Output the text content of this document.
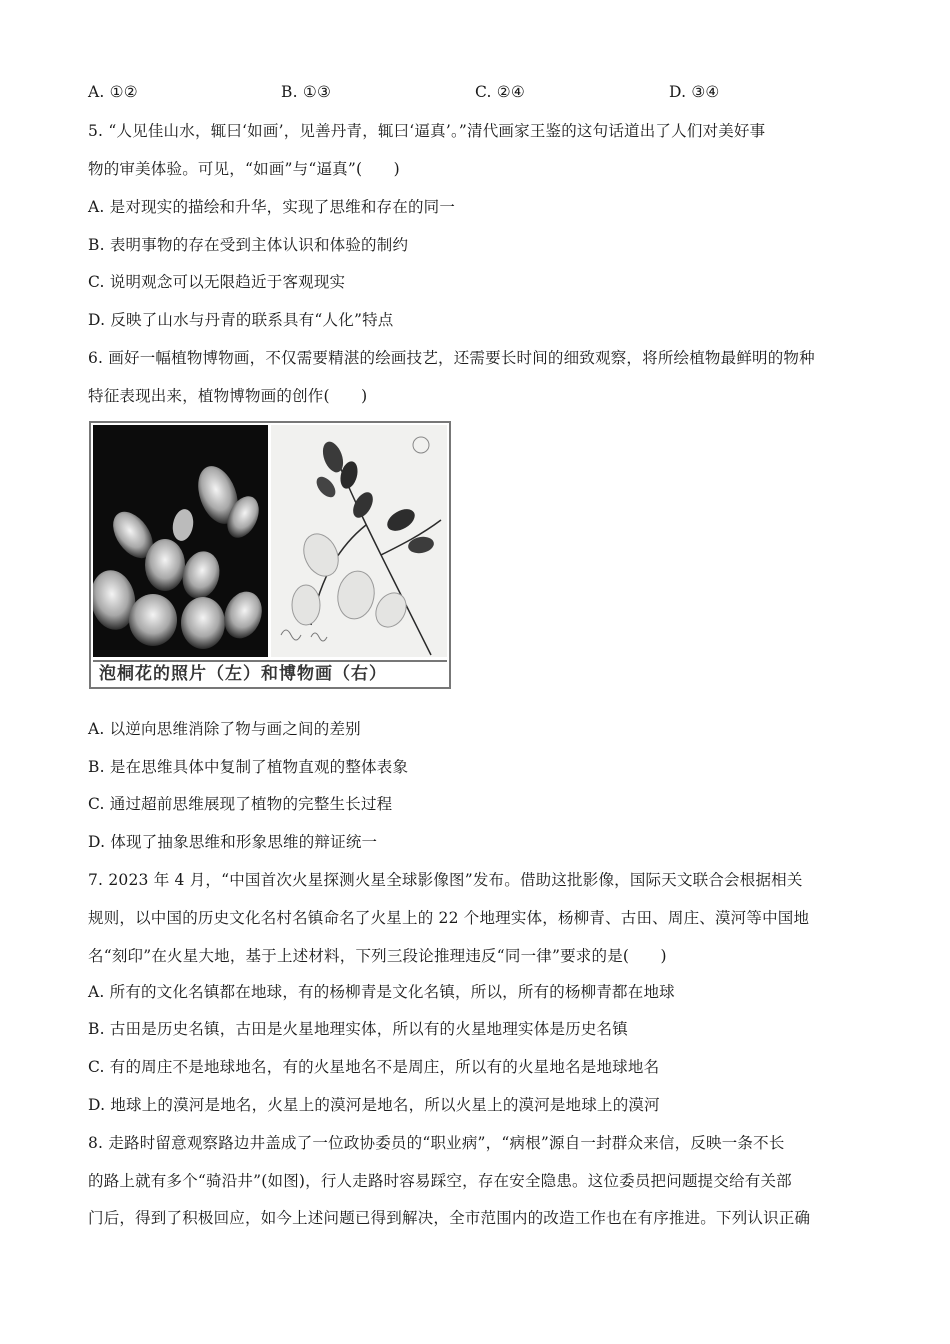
A. ①②	B. ①③	C. ②④	D. ③④
5. “人见佳山水，辄曰‘如画’，见善丹青，辄曰‘逼真’。”清代画家王鉴的这句话道出了人们对美好事
物的审美体验。可见，“如画”与“逼真”(　　)
A. 是对现实的描绘和升华，实现了思维和存在的同一
B. 表明事物的存在受到主体认识和体验的制约
C. 说明观念可以无限趋近于客观现实
D. 反映了山水与丹青的联系具有“人化”特点
6. 画好一幅植物博物画，不仅需要精湛的绘画技艺，还需要长时间的细致观察，将所绘植物最鲜明的物种
特征表现出来，植物博物画的创作(　　)
泡桐花的照片（左）和博物画（右）
A. 以逆向思维消除了物与画之间的差别
B. 是在思维具体中复制了植物直观的整体表象
C. 通过超前思维展现了植物的完整生长过程
D. 体现了抽象思维和形象思维的辩证统一
7. 2023 年 4 月，“中国首次火星探测火星全球影像图”发布。借助这批影像，国际天文联合会根据相关
规则，以中国的历史文化名村名镇命名了火星上的 22 个地理实体，杨柳青、古田、周庄、漠河等中国地
名“刻印”在火星大地，基于上述材料，下列三段论推理违反“同一律”要求的是(　　)
A. 所有的文化名镇都在地球，有的杨柳青是文化名镇，所以，所有的杨柳青都在地球
B. 古田是历史名镇，古田是火星地理实体，所以有的火星地理实体是历史名镇
C. 有的周庄不是地球地名，有的火星地名不是周庄，所以有的火星地名是地球地名
D. 地球上的漠河是地名，火星上的漠河是地名，所以火星上的漠河是地球上的漠河
8. 走路时留意观察路边井盖成了一位政协委员的“职业病”，“病根”源自一封群众来信，反映一条不长
的路上就有多个“骑沿井”(如图)，行人走路时容易踩空，存在安全隐患。这位委员把问题提交给有关部
门后，得到了积极回应，如今上述问题已得到解决，全市范围内的改造工作也在有序推进。下列认识正确
